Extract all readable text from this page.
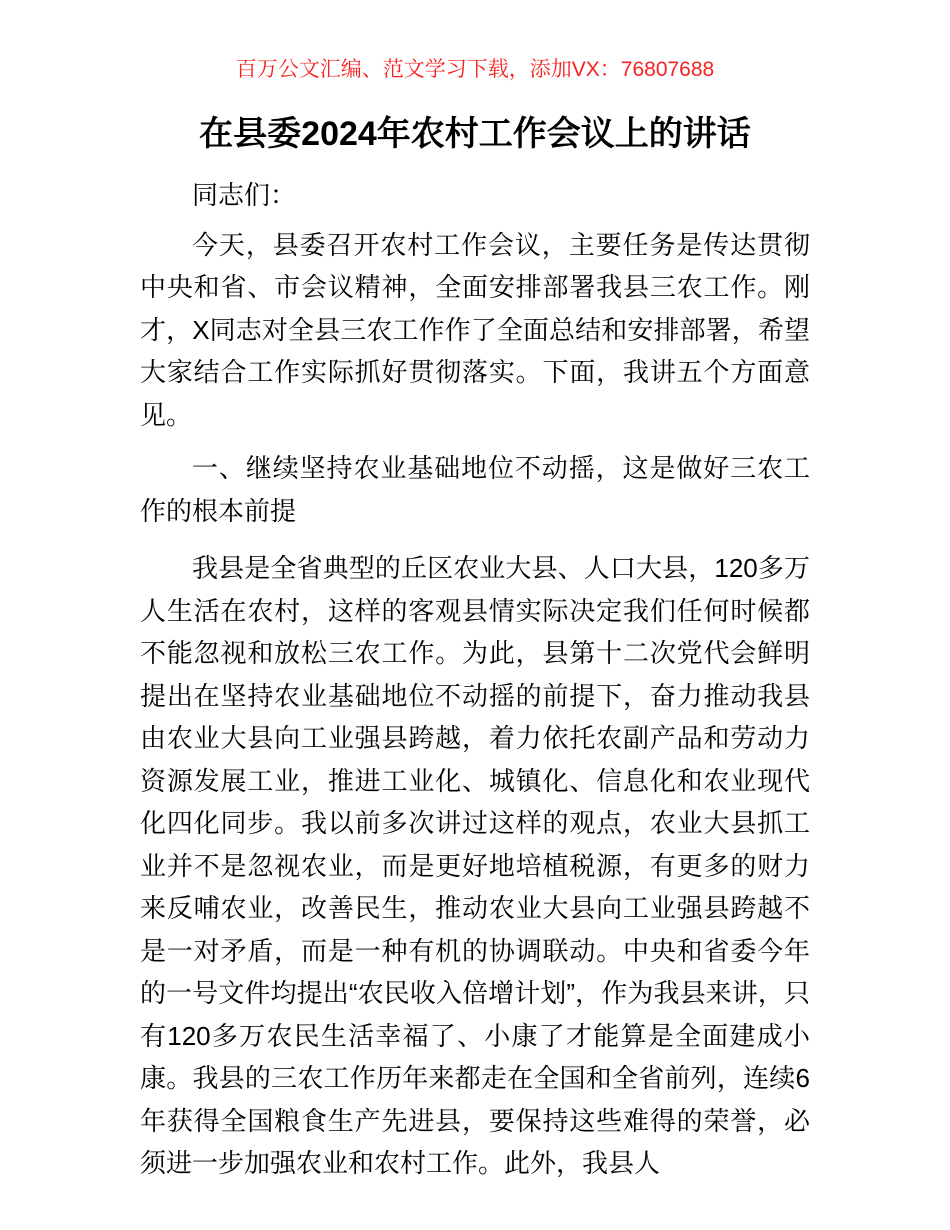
百万公文汇编、范文学习下载，添加VX：76807688
在县委2024年农村工作会议上的讲话

同志们：

今天，县委召开农村工作会议，主要任务是传达贯彻中央和省、市会议精神，全面安排部署我县三农工作。刚才，X同志对全县三农工作作了全面总结和安排部署，希望大家结合工作实际抓好贯彻落实。下面，我讲五个方面意见。

一、继续坚持农业基础地位不动摇，这是做好三农工作的根本前提

我县是全省典型的丘区农业大县、人口大县，120多万人生活在农村，这样的客观县情实际决定我们任何时候都不能忽视和放松三农工作。为此，县第十二次党代会鲜明提出在坚持农业基础地位不动摇的前提下，奋力推动我县由农业大县向工业强县跨越，着力依托农副产品和劳动力资源发展工业，推进工业化、城镇化、信息化和农业现代化四化同步。我以前多次讲过这样的观点，农业大县抓工业并不是忽视农业，而是更好地培植税源，有更多的财力来反哺农业，改善民生，推动农业大县向工业强县跨越不是一对矛盾，而是一种有机的协调联动。中央和省委今年的一号文件均提出“农民收入倍增计划”，作为我县来讲，只有120多万农民生活幸福了、小康了才能算是全面建成小康。我县的三农工作历年来都走在全国和全省前列，连续6年获得全国粮食生产先进县，要保持这些难得的荣誉，必须进一步加强农业和农村工作。此外，我县人
